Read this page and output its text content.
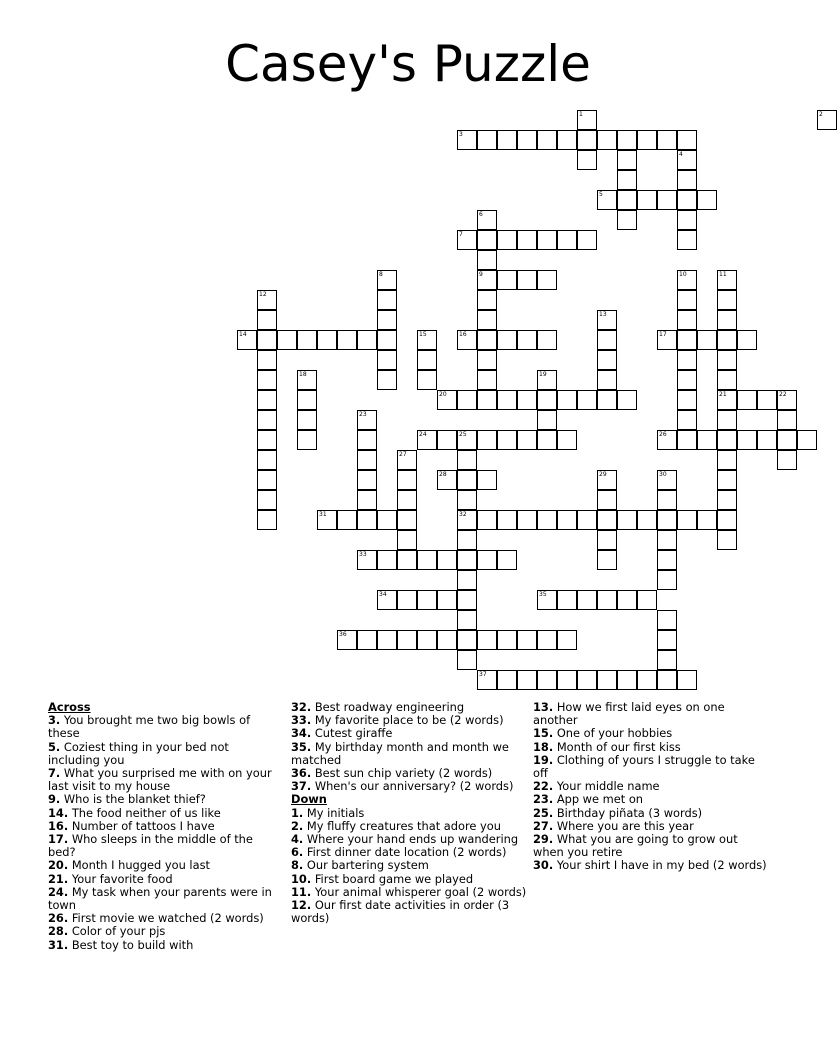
Casey's Puzzle
1	2
3
4
5
6
7
8	9	10	11
12
13
14	15	16	17
18	19
20	21	22
23
24	25	26
27
28	29	30
31	32
33
34	35
36
37

Across

3. You brought me two big bowls of these

5. Coziest thing in your bed not including you

7. What you surprised me with on your last visit to my house

9. Who is the blanket thief?

14. The food neither of us like

16. Number of tattoos I have

17. Who sleeps in the middle of the bed?

20. Month I hugged you last

21. Your favorite food

24. My task when your parents were in town

26. First movie we watched (2 words)

28. Color of your pjs

31. Best toy to build with

32. Best roadway engineering

33. My favorite place to be (2 words)

34. Cutest giraffe

35. My birthday month and month we matched

36. Best sun chip variety (2 words)

37. When's our anniversary? (2 words)

Down

1. My initials

2. My fluffy creatures that adore you

4. Where your hand ends up wandering

6. First dinner date location (2 words)

8. Our bartering system

10. First board game we played

11. Your animal whisperer goal (2 words)

12. Our first date activities in order (3 words)

13. How we first laid eyes on one another

15. One of your hobbies

18. Month of our first kiss

19. Clothing of yours I struggle to take off

22. Your middle name

23. App we met on

25. Birthday piñata (3 words)

27. Where you are this year

29. What you are going to grow out when you retire

30. Your shirt I have in my bed (2 words)
